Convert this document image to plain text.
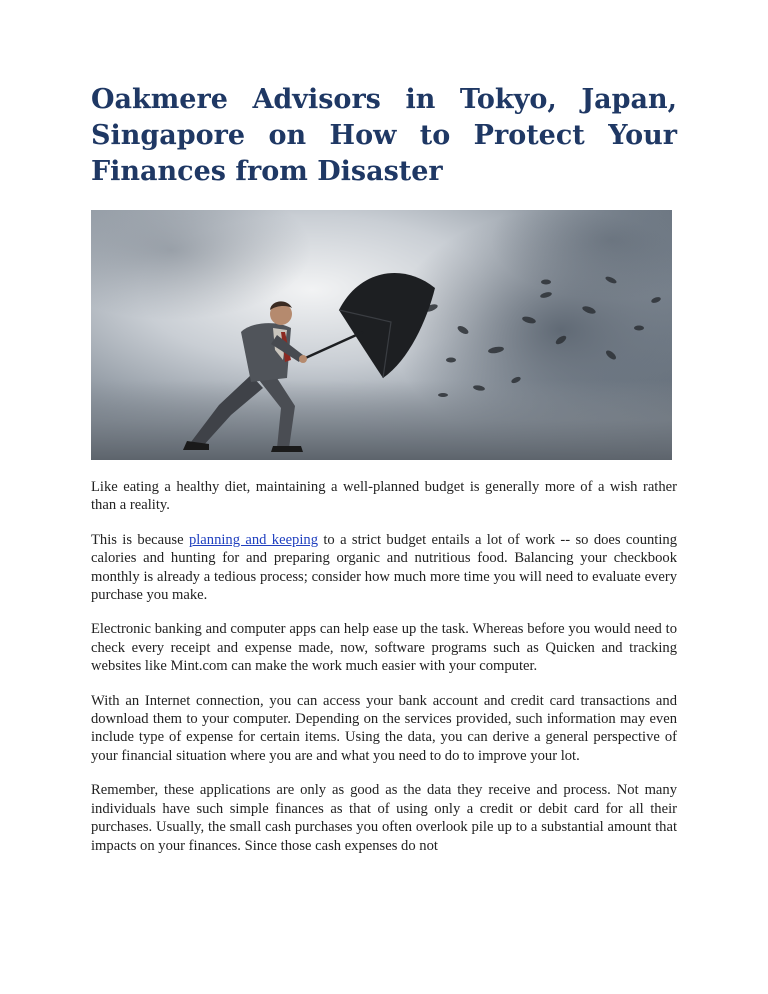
Oakmere Advisors in Tokyo, Japan, Singapore on How to Protect Your Finances from Disaster

Like eating a healthy diet, maintaining a well-planned budget is generally more of a wish rather than a reality.

This is because planning and keeping to a strict budget entails a lot of work -- so does counting calories and hunting for and preparing organic and nutritious food. Balancing your checkbook monthly is already a tedious process; consider how much more time you will need to evaluate every purchase you make.

Electronic banking and computer apps can help ease up the task. Whereas before you would need to check every receipt and expense made, now, software programs such as Quicken and tracking websites like Mint.com can make the work much easier with your computer.

With an Internet connection, you can access your bank account and credit card transactions and download them to your computer. Depending on the services provided, such information may even include type of expense for certain items. Using the data, you can derive a general perspective of your financial situation where you are and what you need to do to improve your lot.

Remember, these applications are only as good as the data they receive and process. Not many individuals have such simple finances as that of using only a credit or debit card for all their purchases. Usually, the small cash purchases you often overlook pile up to a substantial amount that impacts on your finances. Since those cash expenses do not
